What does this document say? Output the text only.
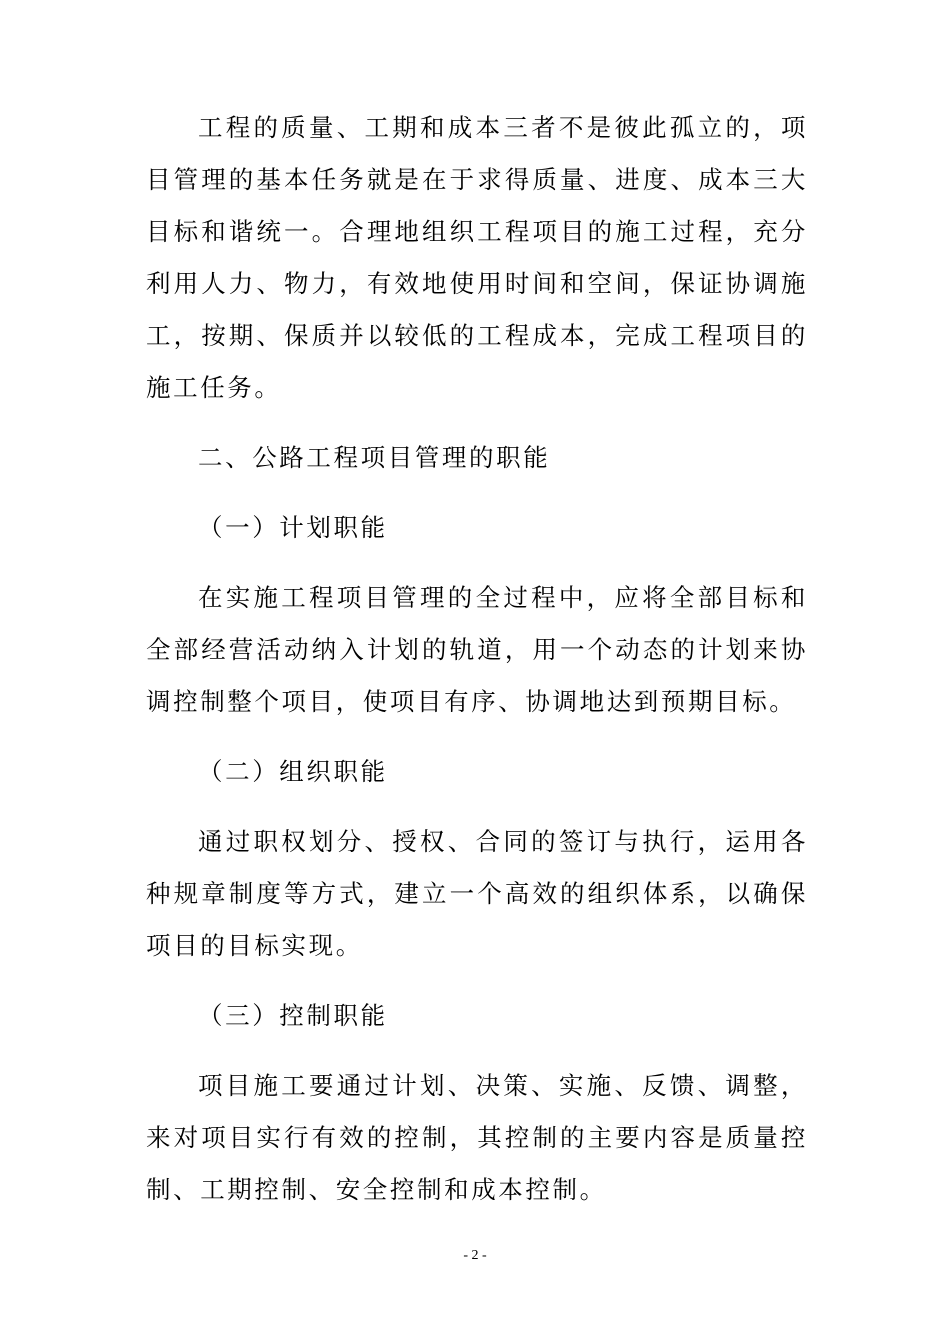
工程的质量、工期和成本三者不是彼此孤立的，项目管理的基本任务就是在于求得质量、进度、成本三大目标和谐统一。合理地组织工程项目的施工过程，充分利用人力、物力，有效地使用时间和空间，保证协调施工，按期、保质并以较低的工程成本，完成工程项目的施工任务。

二、公路工程项目管理的职能

（一）计划职能

在实施工程项目管理的全过程中，应将全部目标和全部经营活动纳入计划的轨道，用一个动态的计划来协调控制整个项目，使项目有序、协调地达到预期目标。

（二）组织职能

通过职权划分、授权、合同的签订与执行，运用各种规章制度等方式，建立一个高效的组织体系，以确保项目的目标实现。

（三）控制职能

项目施工要通过计划、决策、实施、反馈、调整，来对项目实行有效的控制，其控制的主要内容是质量控制、工期控制、安全控制和成本控制。

- 2 -
